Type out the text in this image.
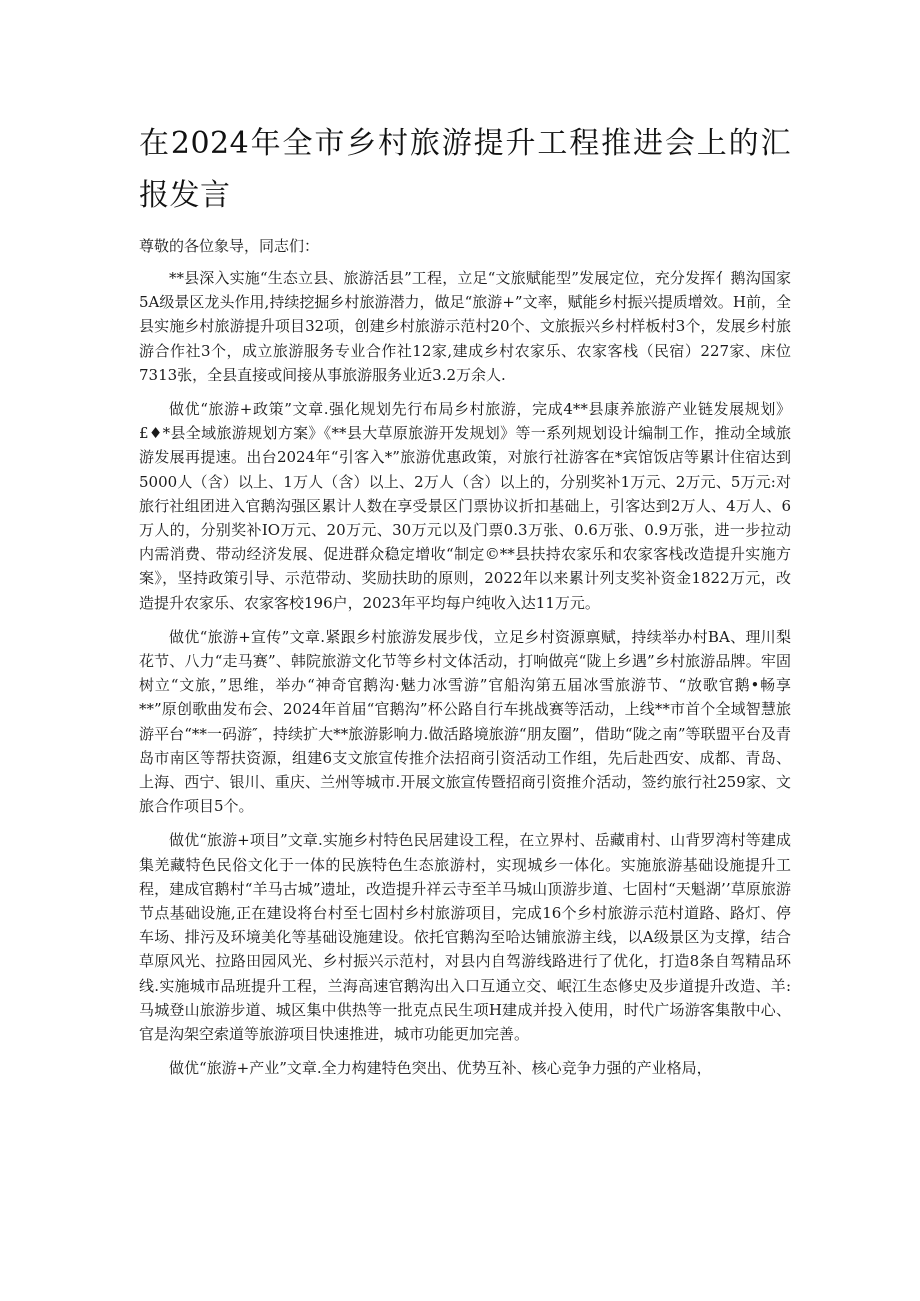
在2024年全市乡村旅游提升工程推进会上的汇报发言

尊敬的各位象导，同志们：

**县深入实施“生态立县、旅游活县”工程，立足“文旅赋能型”发展定位，充分发挥亻鹅沟国家5A级景区龙头作用,持续挖掘乡村旅游潜力，做足“旅游+”文率，赋能乡村振兴提质增效。H前，全县实施乡村旅游提升项目32项，创建乡村旅游示范村20个、文旅振兴乡村样板村3个，发展乡村旅游合作社3个，成立旅游服务专业合作社12家,建成乡村农家乐、农家客栈（民宿）227家、床位7313张，全县直接或间接从事旅游服务业近3.2万余人.

做优“旅游+政策”文章.强化规划先行布局乡村旅游，完成4**县康养旅游产业链发展规划》£♦*县全域旅游规划方案》《**县大草原旅游开发规划》等一系列规划设计编制工作，推动全域旅游发展再提速。出台2024年“引客入*”旅游优惠政策，对旅行社游客在*宾馆饭店等累计住宿达到5000人（含）以上、1万人（含）以上、2万人（含）以上的，分别奖补1万元、2万元、5万元:对旅行社组团进入官鹅沟强区累计人数在享受景区门票协议折扣基础上，引客达到2万人、4万人、6万人的，分别奖补IO万元、20万元、30万元以及门票0.3万张、0.6万张、0.9万张，进一步拉动内需消费、带动经济发展、促进群众稳定增收“制定©**县扶持农家乐和农家客栈改造提升实施方案》，坚持政策引导、示范带动、奖励扶助的原则，2022年以来累计列支奖补资金1822万元，改造提升农家乐、农家客校196户，2023年平均每户纯收入达11万元。

做优“旅游+宣传”文章.紧跟乡村旅游发展步伐，立足乡村资源禀赋，持续举办村BA、理川梨花节、八力“走马赛”、韩院旅游文化节等乡村文体活动，打响做亮“陇上乡遇”乡村旅游品牌。牢固树立“文旅，”思维，举办“神奇官鹅沟·魅力冰雪游”官船沟第五届冰雪旅游节、“放歌官鹅•畅享**”原创歌曲发布会、2024年首届“官鹅沟”杯公路自行车挑战赛等活动，上线**市首个全域智慧旅游平台“**一码游″，持续扩大**旅游影响力.做活路境旅游“朋友圈”，借助“陇之南”等联盟平台及青岛市南区等帮扶资源，组建6支文旅宣传推介法招商引资活动工作组，先后赴西安、成都、青岛、上海、西宁、银川、重庆、兰州等城市.开展文旅宣传暨招商引资推介活动，签约旅行社259家、文旅合作项目5个。

做优“旅游+项目”文章.实施乡村特色民居建设工程，在立界村、岳藏甫村、山背罗湾村等建成集羌藏特色民俗文化于一体的民族特色生态旅游村，实现城乡一体化。实施旅游基础设施提升工程，建成官鹅村“羊马古城”遗址，改造提升祥云寺至羊马城山顶游步道、七固村“天魁湖’’草原旅游节点基础设施,正在建设将台村至七固村乡村旅游项目，完成16个乡村旅游示范村道路、路灯、停车场、排污及环境美化等基础设施建设。依托官鹅沟至哈达铺旅游主线，以A级景区为支撑，结合草原风光、拉路田园风光、乡村振兴示范村，对县内自驾游线路进行了优化，打造8条自驾精品环线.实施城市品班提升工程，兰海高速官鹅沟出入口互通立交、岷江生态修史及步道提升改造、羊:马城登山旅游步道、城区集中供热等一批克点民生项H建成并投入使用，时代广场游客集散中心、官是沟架空索道等旅游项目快速推进，城市功能更加完善。

做优“旅游+产业”文章.全力构建特色突出、优势互补、核心竞争力强的产业格局，
